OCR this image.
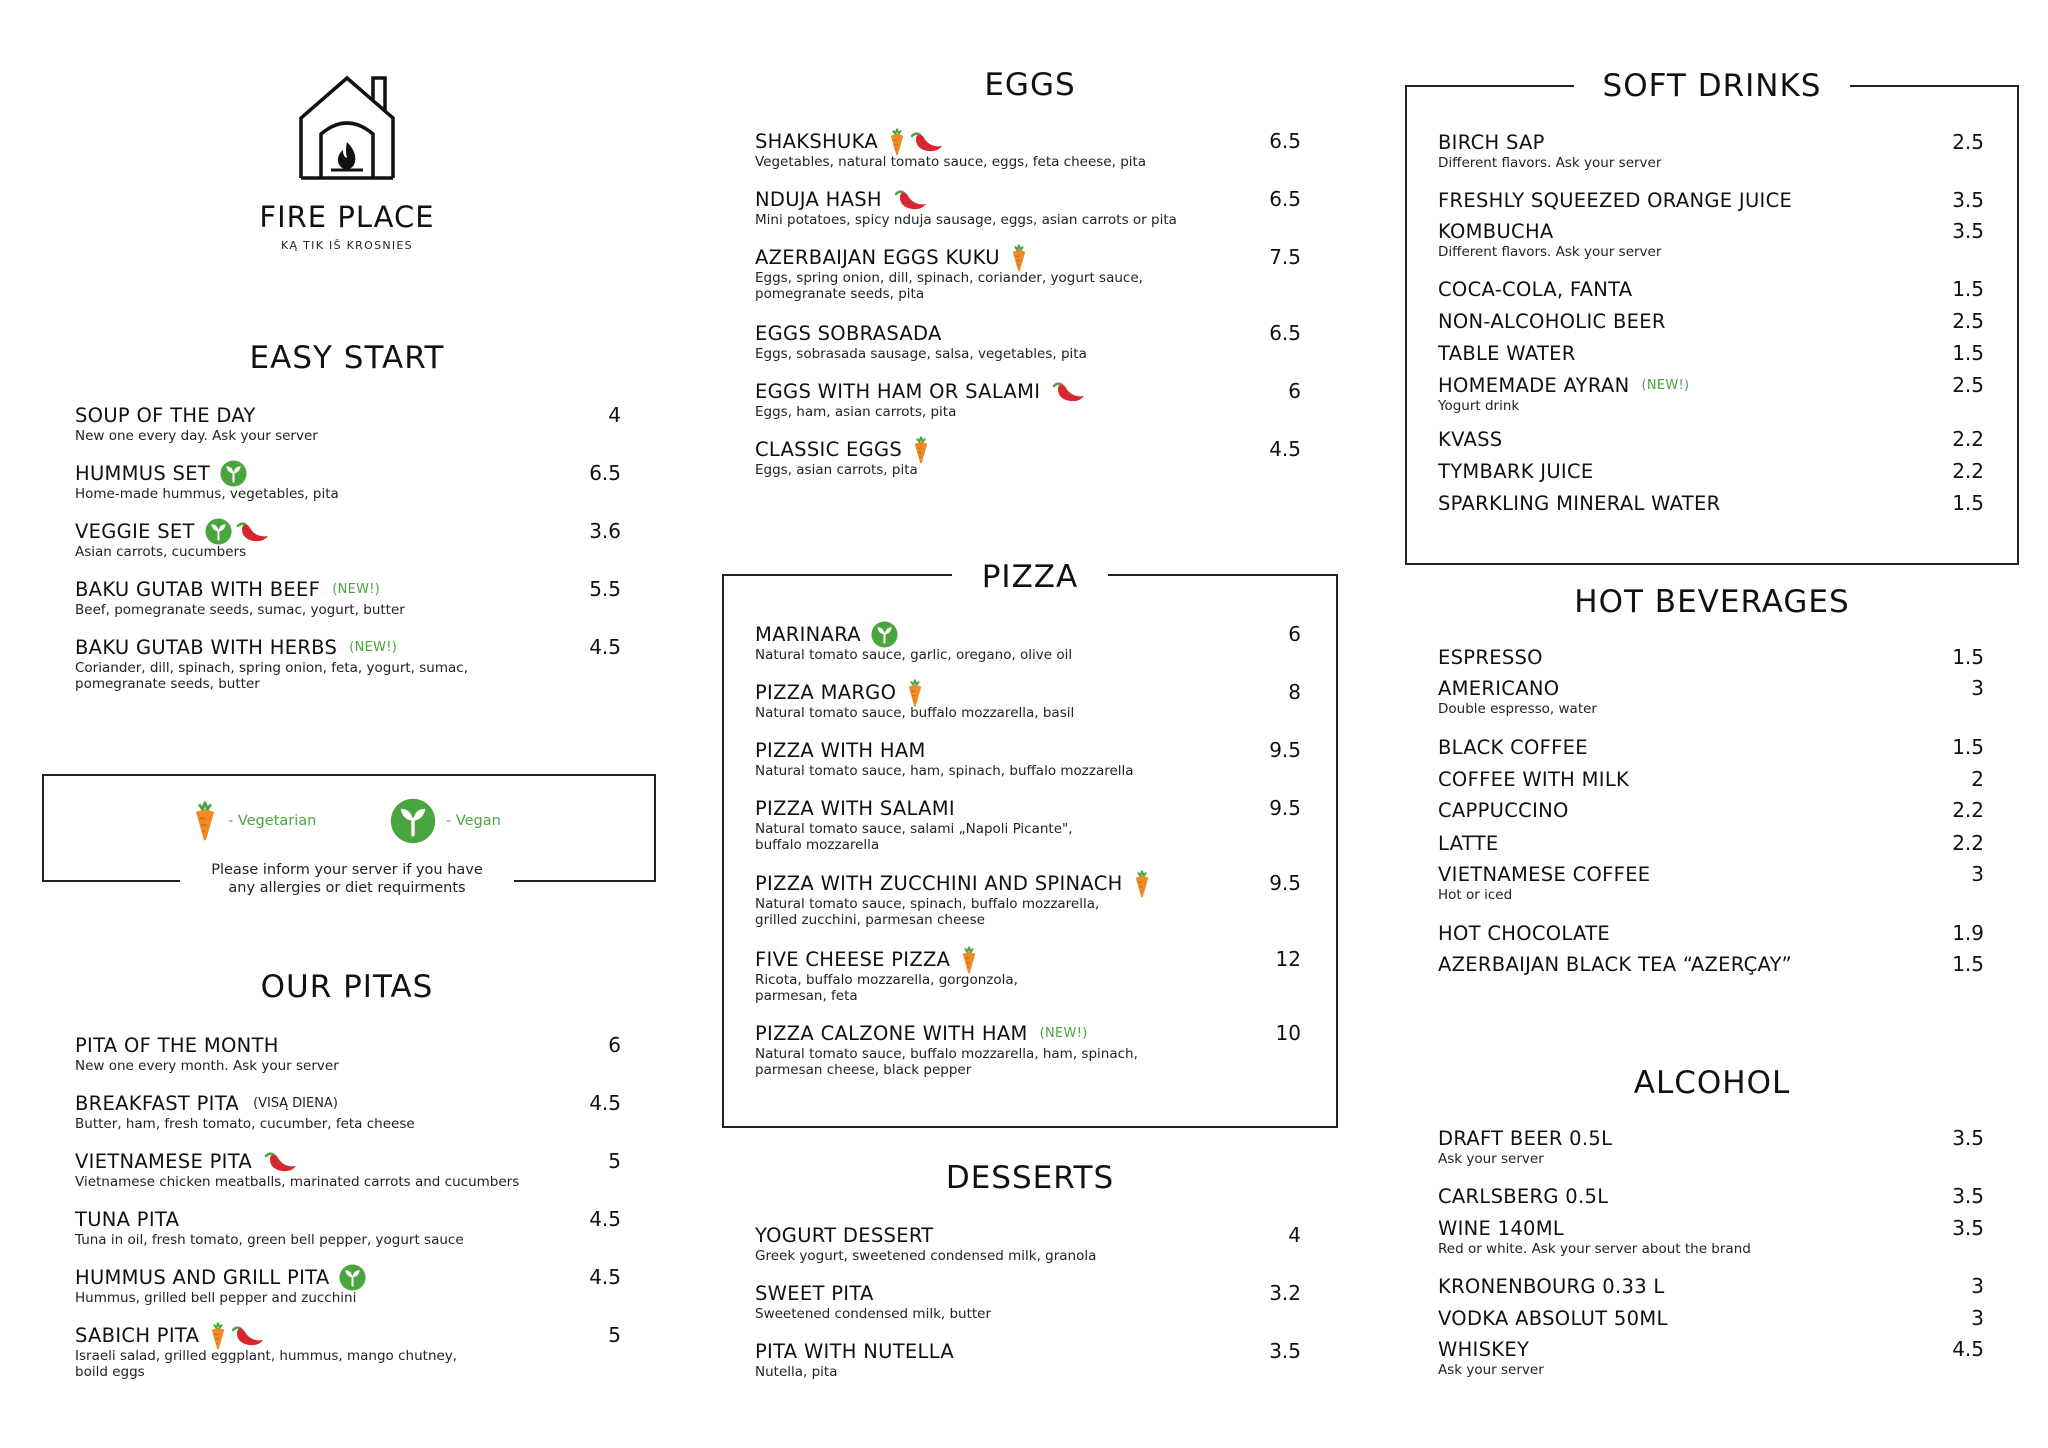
FIRE PLACE
KĄ TIK IŠ KROSNIES
EASY START
SOUP OF THE DAY	4
New one every day. Ask your server
HUMMUS SET	6.5
Home-made hummus, vegetables, pita
VEGGIE SET	3.6
Asian carrots, cucumbers
BAKU GUTAB WITH BEEF (NEW!)	5.5
Beef, pomegranate seeds, sumac, yogurt, butter
BAKU GUTAB WITH HERBS (NEW!)	4.5
Coriander, dill, spinach, spring onion, feta, yogurt, sumac,
pomegranate seeds, butter
- Vegetarian	- Vegan
Please inform your server if you have
any allergies or diet requirments
OUR PITAS
PITA OF THE MONTH	6
New one every month. Ask your server
BREAKFAST PITA (VISĄ DIENA)	4.5
Butter, ham, fresh tomato, cucumber, feta cheese
VIETNAMESE PITA	5
Vietnamese chicken meatballs, marinated carrots and cucumbers
TUNA PITA	4.5
Tuna in oil, fresh tomato, green bell pepper, yogurt sauce
HUMMUS AND GRILL PITA	4.5
Hummus, grilled bell pepper and zucchini
SABICH PITA	5
Israeli salad, grilled eggplant, hummus, mango chutney,
boild eggs
EGGS
SHAKSHUKA	6.5
Vegetables, natural tomato sauce, eggs, feta cheese, pita
NDUJA HASH	6.5
Mini potatoes, spicy nduja sausage, eggs, asian carrots or pita
AZERBAIJAN EGGS KUKU	7.5
Eggs, spring onion, dill, spinach, coriander, yogurt sauce,
pomegranate seeds, pita
EGGS SOBRASADA	6.5
Eggs, sobrasada sausage, salsa, vegetables, pita
EGGS WITH HAM OR SALAMI	6
Eggs, ham, asian carrots, pita
CLASSIC EGGS	4.5
Eggs, asian carrots, pita
PIZZA
MARINARA	6
Natural tomato sauce, garlic, oregano, olive oil
PIZZA MARGO	8
Natural tomato sauce, buffalo mozzarella, basil
PIZZA WITH HAM	9.5
Natural tomato sauce, ham, spinach, buffalo mozzarella
PIZZA WITH SALAMI	9.5
Natural tomato sauce, salami „Napoli Picante",
buffalo mozzarella
PIZZA WITH ZUCCHINI AND SPINACH	9.5
Natural tomato sauce, spinach, buffalo mozzarella,
grilled zucchini, parmesan cheese
FIVE CHEESE PIZZA	12
Ricota, buffalo mozzarella, gorgonzola,
parmesan, feta
PIZZA CALZONE WITH HAM (NEW!)	10
Natural tomato sauce, buffalo mozzarella, ham, spinach,
parmesan cheese, black pepper
DESSERTS
YOGURT DESSERT	4
Greek yogurt, sweetened condensed milk, granola
SWEET PITA	3.2
Sweetened condensed milk, butter
PITA WITH NUTELLA	3.5
Nutella, pita
SOFT DRINKS
BIRCH SAP	2.5
Different flavors. Ask your server
FRESHLY SQUEEZED ORANGE JUICE	3.5
KOMBUCHA	3.5
Different flavors. Ask your server
COCA-COLA, FANTA	1.5
NON-ALCOHOLIC BEER	2.5
TABLE WATER	1.5
HOMEMADE AYRAN (NEW!)	2.5
Yogurt drink
KVASS	2.2
TYMBARK JUICE	2.2
SPARKLING MINERAL WATER	1.5
HOT BEVERAGES
ESPRESSO	1.5
AMERICANO	3
Double espresso, water
BLACK COFFEE	1.5
COFFEE WITH MILK	2
CAPPUCCINO	2.2
LATTE	2.2
VIETNAMESE COFFEE	3
Hot or iced
HOT CHOCOLATE	1.9
AZERBAIJAN BLACK TEA “AZERÇAY”	1.5
ALCOHOL
DRAFT BEER 0.5L	3.5
Ask your server
CARLSBERG 0.5L	3.5
WINE 140ML	3.5
Red or white. Ask your server about the brand
KRONENBOURG 0.33 L	3
VODKA ABSOLUT 50ML	3
WHISKEY	4.5
Ask your server
